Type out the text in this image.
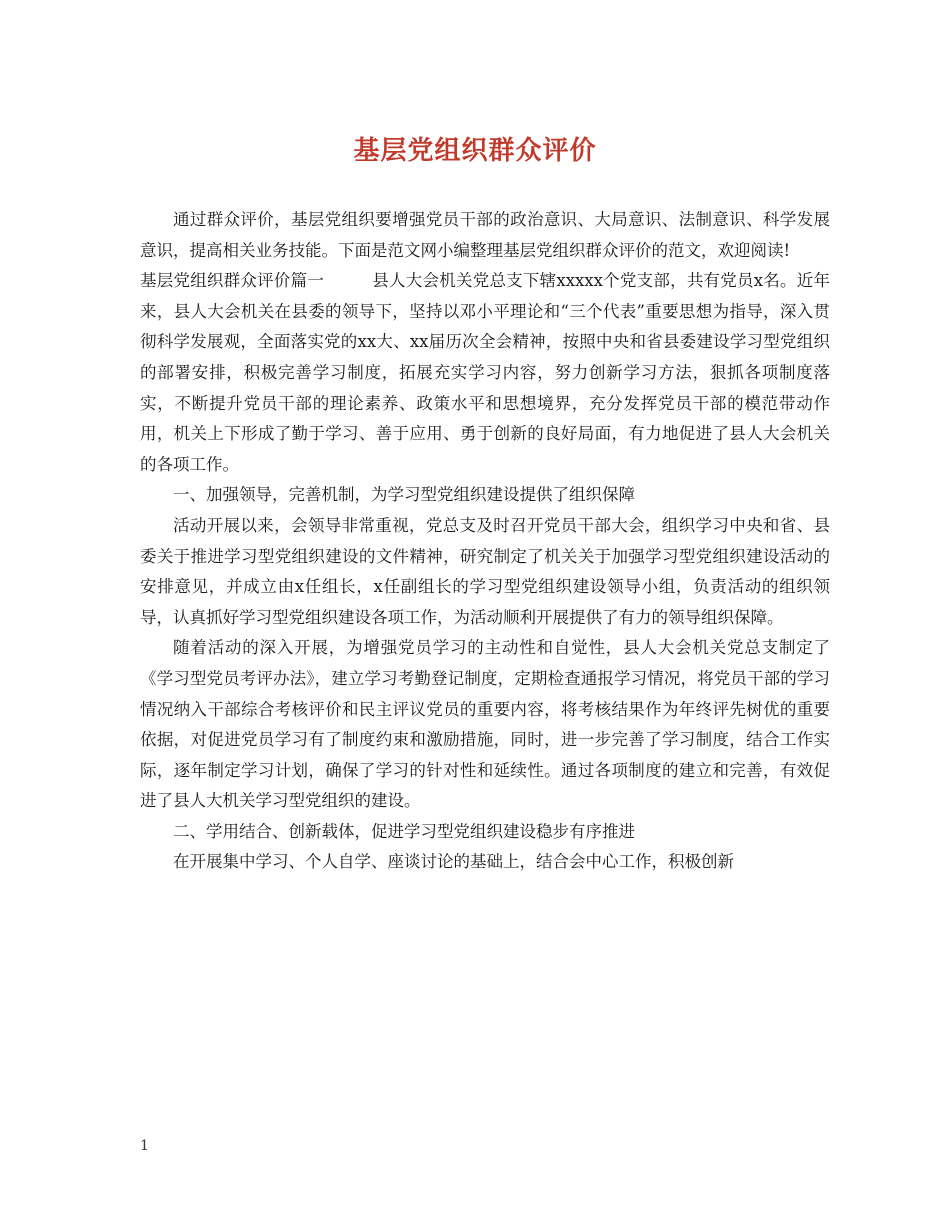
基层党组织群众评价

通过群众评价，基层党组织要增强党员干部的政治意识、大局意识、法制意识、科学发展意识，提高相关业务技能。下面是范文网小编整理基层党组织群众评价的范文，欢迎阅读!

基层党组织群众评价篇一	县人大会机关党总支下辖xxxxx个党支部，共有党员x名。近年来，县人大会机关在县委的领导下，坚持以邓小平理论和“三个代表”重要思想为指导，深入贯彻科学发展观，全面落实党的xx大、xx届历次全会精神，按照中央和省县委建设学习型党组织的部署安排，积极完善学习制度，拓展充实学习内容，努力创新学习方法，狠抓各项制度落实，不断提升党员干部的理论素养、政策水平和思想境界，充分发挥党员干部的模范带动作用，机关上下形成了勤于学习、善于应用、勇于创新的良好局面，有力地促进了县人大会机关的各项工作。

一、加强领导，完善机制，为学习型党组织建设提供了组织保障

活动开展以来，会领导非常重视，党总支及时召开党员干部大会，组织学习中央和省、县委关于推进学习型党组织建设的文件精神，研究制定了机关关于加强学习型党组织建设活动的安排意见，并成立由x任组长，x任副组长的学习型党组织建设领导小组，负责活动的组织领导，认真抓好学习型党组织建设各项工作，为活动顺利开展提供了有力的领导组织保障。

随着活动的深入开展，为增强党员学习的主动性和自觉性，县人大会机关党总支制定了《学习型党员考评办法》，建立学习考勤登记制度，定期检查通报学习情况，将党员干部的学习情况纳入干部综合考核评价和民主评议党员的重要内容，将考核结果作为年终评先树优的重要依据，对促进党员学习有了制度约束和激励措施，同时，进一步完善了学习制度，结合工作实际，逐年制定学习计划，确保了学习的针对性和延续性。通过各项制度的建立和完善，有效促进了县人大机关学习型党组织的建设。

二、学用结合、创新载体，促进学习型党组织建设稳步有序推进

在开展集中学习、个人自学、座谈讨论的基础上，结合会中心工作，积极创新

1
